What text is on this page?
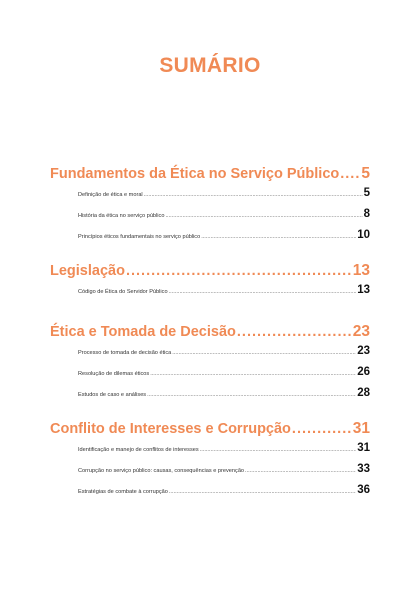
SUMÁRIO
Fundamentos da Ética no Serviço Público ..... 5
Definição de ética e moral .....	5
História da ética no serviço público .....	8
Princípios éticos fundamentais no serviço público .....	10
Legislação .....	13
Código de Ética do Servidor Público .....	13
Ética e Tomada de Decisão .....	23
Processo de tomada de decisão ética .....	23
Resolução de dilemas éticos .....	26
Estudos de caso e análises .....	28
Conflito de Interesses e Corrupção .....	31
Identificação e manejo de conflitos de interesses .....	31
Corrupção no serviço público: causas, consequências e prevenção .....	33
Estratégias de combate à corrupção .....	36
